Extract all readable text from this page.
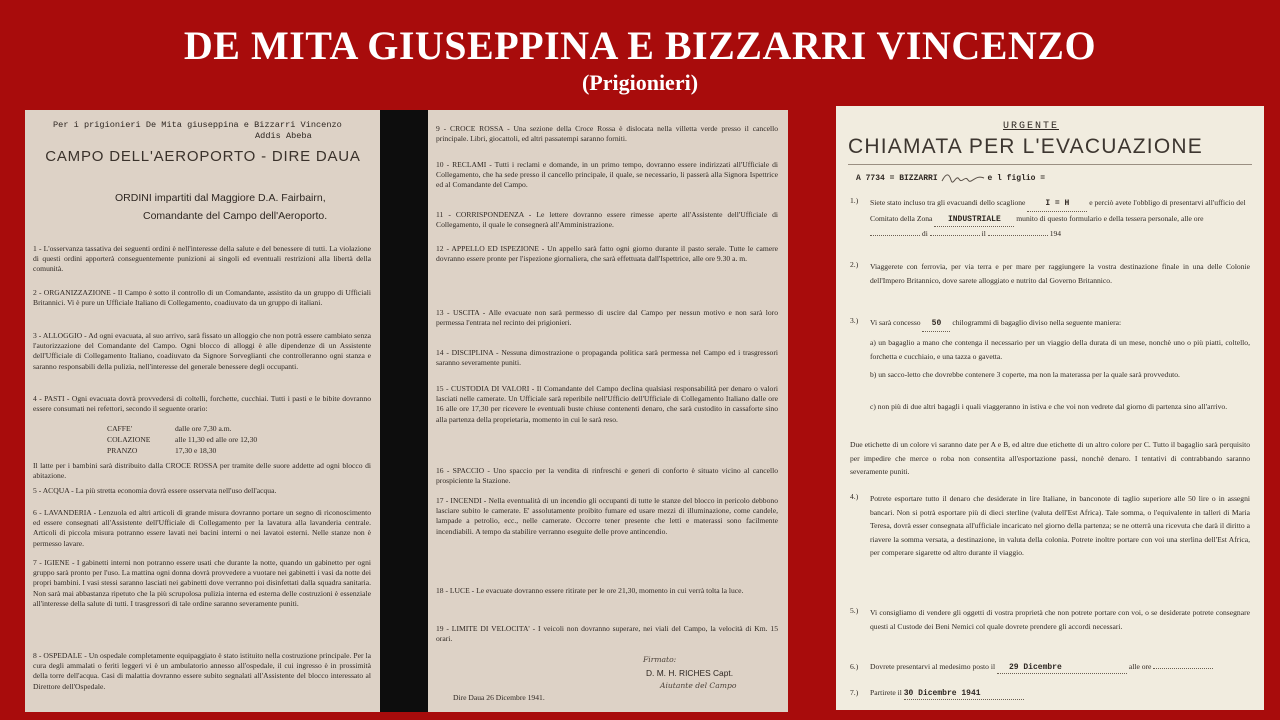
DE MITA GIUSEPPINA E BIZZARRI VINCENZO
(Prigionieri)
Per i prigionieri De Mita giuseppina e Bizzarri Vincenzo
Addis Abeba
CAMPO DELL'AEROPORTO - DIRE DAUA
ORDINI impartiti dal Maggiore D.A. Fairbairn,
Comandante del Campo dell'Aeroporto.
1 - L'osservanza tassativa dei seguenti ordini è nell'interesse della salute e del benessere di tutti. La violazione di questi ordini apporterà conseguentemente punizioni ai singoli ed eventuali restrizioni alla libertà della comunità.
2 - ORGANIZZAZIONE - Il Campo è sotto il controllo di un Comandante, assistito da un gruppo di Ufficiali Britannici. Vi è pure un Ufficiale Italiano di Collegamento, coadiuvato da un gruppo di italiani.
3 - ALLOGGIO - Ad ogni evacuata, al suo arrivo, sarà fissato un alloggio che non potrà essere cambiato senza l'autorizzazione del Comandante del Campo. Ogni blocco di alloggi è alle dipendenze di un Assistente dell'Ufficiale di Collegamento Italiano, coadiuvato da Signore Sorveglianti che controlleranno ogni stanza e saranno responsabili della pulizia, nell'interesse del generale benessere degli occupanti.
4 - PASTI - Ogni evacuata dovrà provvedersi di coltelli, forchette, cucchiai. Tutti i pasti e le bibite dovranno essere consumati nei refettori, secondo il seguente orario:
CAFFE'	dalle ore 7,30 a.m.
COLAZIONE	alle 11,30 ed alle ore 12,30
PRANZO	17,30 e 18,30
Il latte per i bambini sarà distribuito dalla CROCE ROSSA per tramite delle suore addette ad ogni blocco di abitazione.
5 - ACQUA - La più stretta economia dovrà essere osservata nell'uso dell'acqua.
6 - LAVANDERIA - Lenzuola ed altri articoli di grande misura dovranno portare un segno di riconoscimento ed essere consegnati all'Assistente dell'Ufficiale di Collegamento per la lavatura alla lavanderia centrale. Articoli di piccola misura potranno essere lavati nei bacini interni o nei lavatoi esterni. Nelle stanze non è permesso lavare.
7 - IGIENE - I gabinetti interni non potranno essere usati che durante la notte, quando un gabinetto per ogni gruppo sarà pronto per l'uso. La mattina ogni donna dovrà provvedere a vuotare nei gabinetti i vasi da notte dei propri bambini. I vasi stessi saranno lasciati nei gabinetti dove verranno poi disinfettati dalla squadra sanitaria. Non sarà mai abbastanza ripetuto che la più scrupolosa pulizia interna ed esterna delle costruzioni è essenziale all'interesse della salute di tutti. I trasgressori di tale ordine saranno severamente puniti.
8 - OSPEDALE - Un ospedale completamente equipaggiato è stato istituito nella costruzione principale. Per la cura degli ammalati o feriti leggeri vi è un ambulatorio annesso all'ospedale, il cui ingresso è in prossimità della torre dell'acqua. Casi di malattia dovranno essere subito segnalati all'Assistente del blocco interessato al Direttore dell'Ospedale.
9 - CROCE ROSSA - Una sezione della Croce Rossa è dislocata nella villetta verde presso il cancello principale. Libri, giocattoli, ed altri passatempi saranno forniti.
10 - RECLAMI - Tutti i reclami e domande, in un primo tempo, dovranno essere indirizzati all'Ufficiale di Collegamento, che ha sede presso il cancello principale, il quale, se necessario, li passerà alla Signora Ispettrice ed al Comandante del Campo.
11 - CORRISPONDENZA - Le lettere dovranno essere rimesse aperte all'Assistente dell'Ufficiale di Collegamento, il quale le consegnerà all'Amministrazione.
12 - APPELLO ED ISPEZIONE - Un appello sarà fatto ogni giorno durante il pasto serale. Tutte le camere dovranno essere pronte per l'ispezione giornaliera, che sarà effettuata dall'Ispettrice, alle ore 9.30 a. m.
13 - USCITA - Alle evacuate non sarà permesso di uscire dal Campo per nessun motivo e non sarà loro permessa l'entrata nel recinto dei prigionieri.
14 - DISCIPLINA - Nessuna dimostrazione o propaganda politica sarà permessa nel Campo ed i trasgressori saranno severamente puniti.
15 - CUSTODIA DI VALORI - Il Comandante del Campo declina qualsiasi responsabilità per denaro o valori lasciati nelle camerate. Un Ufficiale sarà reperibile nell'Ufficio dell'Ufficiale di Collegamento Italiano dalle ore 16 alle ore 17,30 per ricevere le eventuali buste chiuse contenenti denaro, che sarà custodito in cassaforte sino alla partenza della proprietaria, momento in cui le sarà reso.
16 - SPACCIO - Uno spaccio per la vendita di rinfreschi e generi di conforto è situato vicino al cancello prospiciente la Stazione.
17 - INCENDI - Nella eventualità di un incendio gli occupanti di tutte le stanze del blocco in pericolo debbono lasciare subito le camerate. E' assolutamente proibito fumare ed usare mezzi di illuminazione, come candele, lampade a petrolio, ecc., nelle camerate. Occorre tener presente che letti e materassi sono facilmente incendiabili. A tempo da stabilire verranno eseguite delle prove antincendio.
18 - LUCE - Le evacuate dovranno essere ritirate per le ore 21,30, momento in cui verrà tolta la luce.
19 - LIMITE DI VELOCITA' - I veicoli non dovranno superare, nei viali del Campo, la velocità di Km. 15 orari.
Firmato:
D. M. H. RICHES Capt.
Aiutante del Campo
Dire Daua 26 Dicembre 1941.
URGENTE
CHIAMATA PER L'EVACUAZIONE
A 7734 = BIZZARRI	e l figlio =
1.)	Siete stato incluso tra gli evacuandi dello scaglione I = H	e perciò avete l'obbligo di presentarvi all'ufficio del Comitato della Zona INDUSTRIALE munito di questo formulario e della tessera personale, alle ore  di	il	194
2.)	Viaggerete con ferrovia, per via terra e per mare per raggiungere la vostra destinazione finale in una delle Colonie dell'Impero Britannico, dove sarete alloggiato e nutrito dal Governo Britannico.
3.)	Vi sarà concesso 50 chilogrammi di bagaglio diviso nella seguente maniera:
a) un bagaglio a mano che contenga il necessario per un viaggio della durata di un mese, nonchè uno o più piatti, coltello, forchetta e cucchiaio, e una tazza o gavetta.
b) un sacco-letto che dovrebbe contenere 3 coperte, ma non la materassa per la quale sarà provveduto.
c) non più di due altri bagagli i quali viaggeranno in istiva e che voi non vedrete dal giorno di partenza sino all'arrivo.
Due etichette di un colore vi saranno date per A e B, ed altre due etichette di un altro colore per C. Tutto il bagaglio sarà perquisito per impedire che merce o roba non consentita all'esportazione passi, nonchè denaro. I tentativi di contrabbando saranno severamente puniti.
4.)	Potrete esportare tutto il denaro che desiderate in lire Italiane, in banconote di taglio superiore alle 50 lire o in assegni bancari. Non si potrà esportare più di dieci sterline (valuta dell'Est Africa). Tale somma, o l'equivalente in talleri di Maria Teresa, dovrà esser consegnata all'ufficiale incaricato nel giorno della partenza; se ne otterrà una ricevuta che darà il diritto a riavere la somma versata, a destinazione, in valuta della colonia. Potrete inoltre portare con voi una sterlina dell'Est Africa, per comperare sigarette od altro durante il viaggio.
5.)	Vi consigliamo di vendere gli oggetti di vostra proprietà che non potrete portare con voi, o se desiderate potrete consegnare questi al Custode dei Beni Nemici col quale dovrete prendere gli accordi necessari.
6.)	Dovrete presentarvi al medesimo posto il 29 Dicembre	alle ore
7.)	Partirete il 30 Dicembre 1941
